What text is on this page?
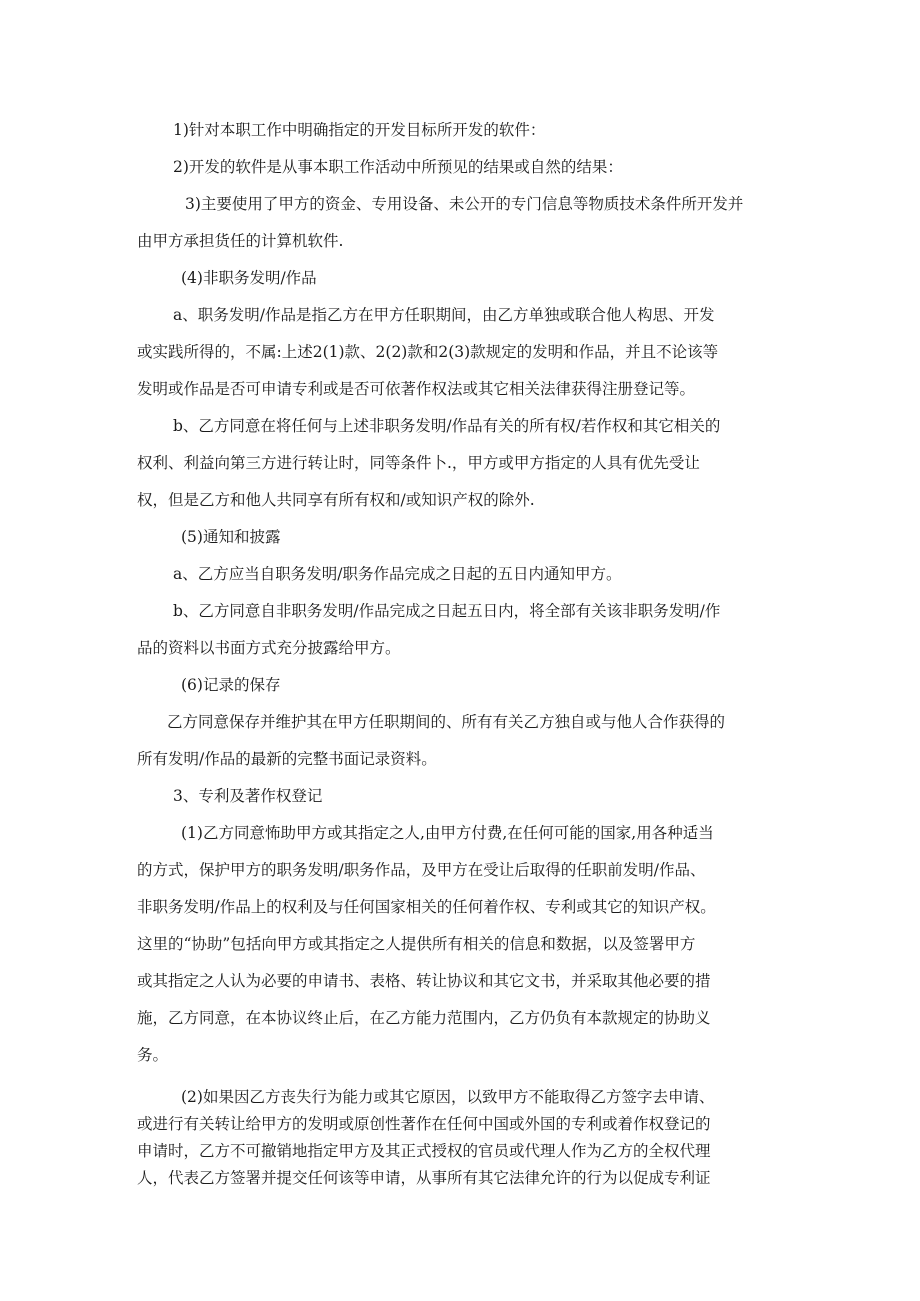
1)针对本职工作中明确指定的开发目标所开发的软件：

2)开发的软件是从事本职工作活动中所预见的结果或自然的结果：

3)主要使用了甲方的资金、专用设备、未公开的专门信息等物质技术条件所开发并

由甲方承担货任的计算机软件.

(4)非职务发明/作品

a、职务发明/作品是指乙方在甲方任职期间，由乙方单独或联合他人构思、开发

或实践所得的，不属:上述2(1)款、2(2)款和2(3)款规定的发明和作品，并且不论该等

发明或作品是否可申请专利或是否可依著作权法或其它相关法律获得注册登记等。

b、乙方同意在将任何与上述非职务发明/作品有关的所有权/若作权和其它相关的

权利、利益向第三方进行转让时，同等条件卜.，甲方或甲方指定的人具有优先受让

权，但是乙方和他人共同享有所有权和/或知识产权的除外.

(5)通知和披露

a、乙方应当自职务发明/职务作品完成之日起的五日内通知甲方。

b、乙方同意自非职务发明/作品完成之日起五日内，将全部有关该非职务发明/作

品的资料以书面方式充分披露给甲方。

(6)记录的保存

乙方同意保存并维护其在甲方任职期间的、所有有关乙方独自或与他人合作获得的

所有发明/作品的最新的完整书面记录资料。

3、专利及著作权登记

(1)乙方同意怖助甲方或其指定之人,由甲方付费,在任何可能的国家,用各种适当

的方式，保护甲方的职务发明/职务作品，及甲方在受让后取得的任职前发明/作品、

非职务发明/作品上的权利及与任何国家相关的任何着作权、专利或其它的知识产权。

这里的“协助”包括向甲方或其指定之人提供所有相关的信息和数据，以及签署甲方

或其指定之人认为必要的申请书、表格、转让协议和其它文书，并采取其他必要的措

施，乙方同意，在本协议终止后，在乙方能力范围内，乙方仍负有本款规定的协助义

务。

(2)如果因乙方丧失行为能力或其它原因，以致甲方不能取得乙方签字去申请、

或进行有关转让给甲方的发明或原创性著作在任何中国或外国的专利或着作权登记的

申请时，乙方不可撤销地指定甲方及其正式授权的官员或代理人作为乙方的全权代理

人，代表乙方签署并提交任何该等申请，从事所有其它法律允许的行为以促成专利证
